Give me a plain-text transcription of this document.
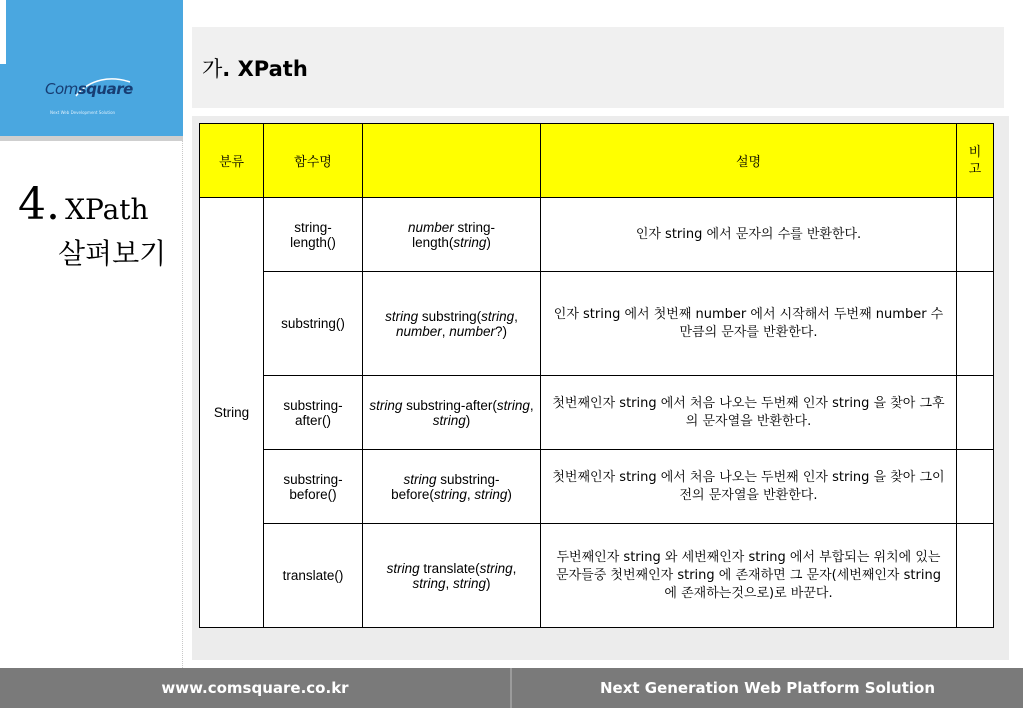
Comsquare
Next Web Development Solution
4. XPath
살펴보기
가. XPath
분류	함수명		설명	비고
String	string-length()	number string-length(string)	인자 string 에서 문자의 수를 반환한다.	
	substring()	string substring(string, number, number?)	인자 string 에서 첫번째 number 에서 시작해서 두번째 number 수만큼의 문자를 반환한다.	
	substring-after()	string substring-after(string, string)	첫번째인자 string 에서 처음 나오는 두번째 인자 string 을 찾아 그후의 문자열을 반환한다.	
	substring-before()	string substring-before(string, string)	첫번째인자 string 에서 처음 나오는 두번째 인자 string 을 찾아 그이전의 문자열을 반환한다.	
	translate()	string translate(string, string, string)	두번째인자 string 와 세번째인자 string 에서 부합되는 위치에 있는 문자들중 첫번째인자 string 에 존재하면 그 문자(세번째인자 string 에 존재하는것으로)로 바꾼다.	
www.comsquare.co.kr	Next Generation Web Platform Solution
